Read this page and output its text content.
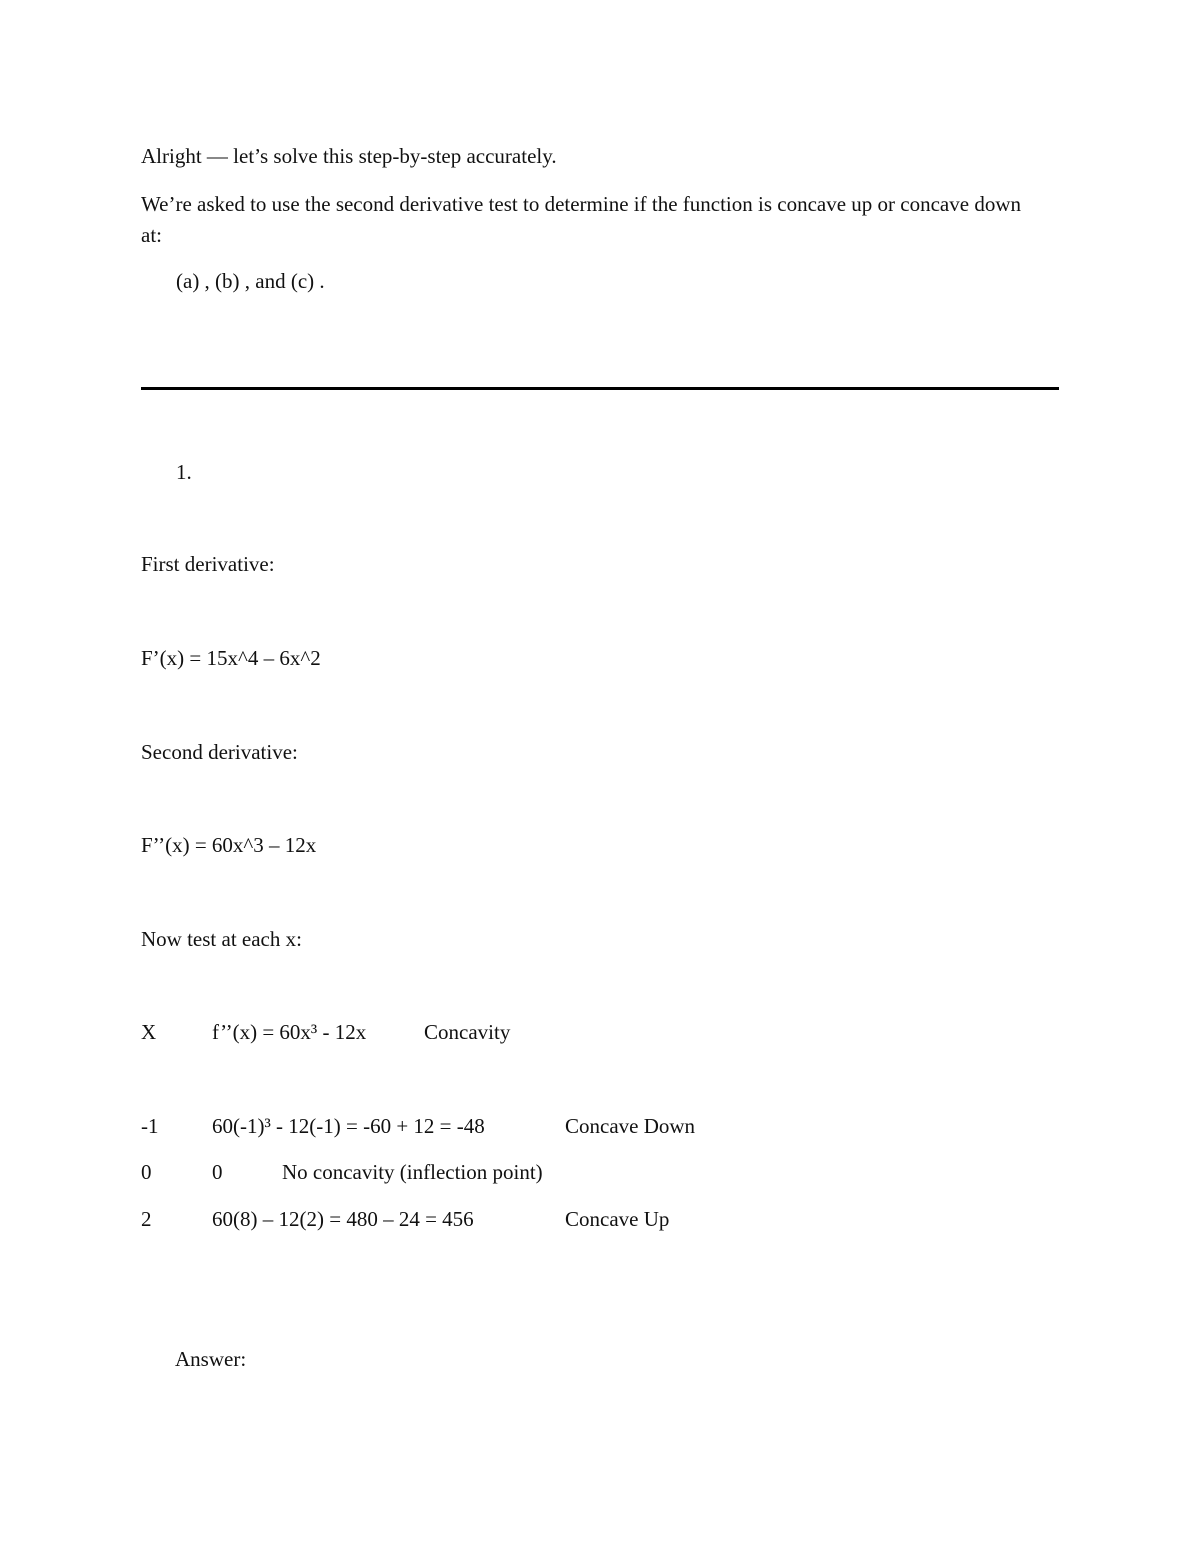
Alright — let’s solve this step-by-step accurately.
We’re asked to use the second derivative test to determine if the function is concave up or concave down at:
(a) , (b) , and (c) .
1.
First derivative:
F’(x) = 15x^4 – 6x^2
Second derivative:
F’’(x) = 60x^3 – 12x
Now test at each x:
X	f’’(x) = 60x³ - 12x	Concavity
-1	60(-1)³ - 12(-1) = -60 + 12 = -48	Concave Down
0	0	No concavity (inflection point)
2	60(8) – 12(2) = 480 – 24 = 456	Concave Up
Answer:
